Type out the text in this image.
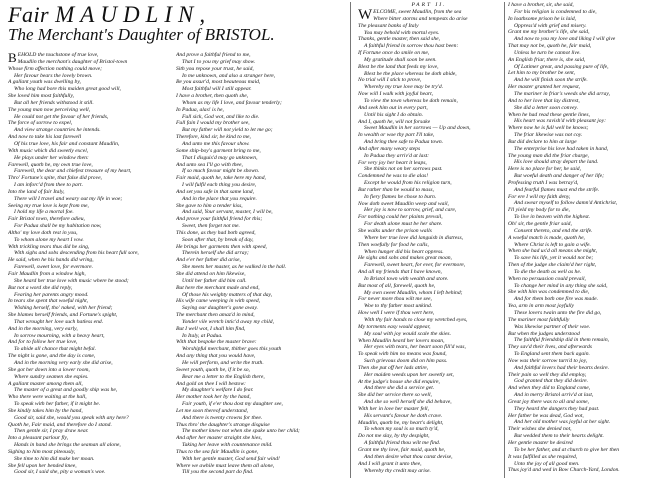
Fair MAUDLIN,
The Merchant's Daughter of BRISTOL.
B EHOLD the touchstone of true love,
Maudlin the merchant's daughter of Bristol-town
Whose firm affection nothing could move;
Her favour bears the lovely brown.
A gallant youth was dwelling by,
Who long had bore this maiden great good will,
She loved him most faithfully,
But all her friends withstood it still.
The young man now perceiving well,
He could not get the favour of her friends,
The force of sorrow to expel,
And view strange countries he intends.
And now to take his last farewell
Of his true love, his fair and constant Maudlin,
With music which did sweetly excel,
He plays under her window then:
Farewell, quoth he, my own true love,
Farewell, the dear and chiefest treasure of my heart,
Thro' Fortune's spite, that false did prove,
I am inforc'd from thee to part.
Into the land of fair Italy,
There will I travel and weary out my life in woe;
Seeing my true love is kept from me,
I hold my life a mortal foe.
Fair Bristol town, therefore adieu,
For Padua shall be my habitation now,
Altho' my love doth rest in you,
To whom alone my heart I vow.
With trickling tears thus did he sing,
With sighs and sobs descending from his heart full sore,
He said, when he his hands did wring,
Farewell, sweet love, for evermore.
Fair Maudlin from a window high,
She heard her true love with music where he stood;
But not a word she did reply,
Fearing her parents angry mood.
In tears she spent that woeful night,
Wishing herself, tho' naked, with her friend;
She blames herself friends, and Fortune's spight,
That wrought her love such hatless end.
And in the morning, very early,
In sorrow mourning, with a heavy heart,
And for to follow her true love,
To abide all chance that might befal.
The night is gone, and the day is come,
And in the morning very early she did arise,
She got her down into a lower room,
Where sundry seamen she espies.
A gallant master among them all,
The master of a great and goodly ship was he,
Who there were waiting at the hall,
To speak with her father, if it might be.
She kindly takes him by the hand,
Good sir, said she, would you speak with any here?
Quoth he, Fair maid, and therefore do I stand.
Then gentle sir, I pray draw near.
Into a pleasant parlour fly,
Hands in hand she brings the seaman all alone,
Sighing to him most piteously,
She time to him did make her moan.
She fell upon her bended knee,
Good sir, I said she, pity a woman's woe.
And prove a faithful friend to me,
That I to you my grief may show.
Sith you repose your trust, he said,
In me unknown, and also a stranger here,
Be you assur'd, most beauteous maid,
Most faithful will I still appear.
I have a brother, then quoth she,
Whom as my life I love, and favour tenderly;
In Padua, alas! is he,
Full sick, God wot, and like to die.
Full fain I would my brother see,
But my father will not yield to let me go;
Therefore, kind sir, be kind to me,
And unto me this favour show.
Some ship-boy's garment bring to me,
That I disguis'd may go unknown,
And unto sea I'll go with thee,
If so much favour might be shown.
Fair maid, quoth he, take here my hand,
I will fulfil each thing you desire,
And set you safe in that same land,
And in the place that you require.
She gave to him a tender kiss,
And said, Your servant, master, I will be,
And prove your faithful friend for this;
Sweet, then forget not me.
This done, as they had both agreed,
Soon after that, by break of day,
He brings her garments then with speed,
Therein herself she did array;
And e'er her father did arise,
She meets her master, as he walked in the hall.
She did attend on him likewise,
Until her father did him call.
But here the merchant made and end,
Of those his weighty matters of that day,
His wife came weeping in with speed,
Saying our daughter's gone away.
The merchant then amaz'd in mind,
Yonder vile wretch intic'd away my child,
But I well wot, I shall him find,
In Italy, at Padua.
With that bespoke the master brave:
Worshipful merchant, thither goes this youth
And any thing that you would have,
He will perform, and write the truth.
Sweet youth, quoth he, if it be so,
Bear me a letter to the English there,
And gold on thee I will bestow:
My daughter's welfare I do fear.
Her mother took her by the hand,
Fair youth, if e'er thou dost my daughter see,
Let me soon thereof understand,
And there is twenty crowns for thee.
Thus thro' the daughter's strange disguise
The mother knew not when she spake unto her child;
And after her master straight she hies,
Taking her leave with countenance mild.
Thus to the sea fair Maudlin is gone,
With her gentle master, God send fair wind!
Where we awhile must leave them all alone,
Till you the second part do find.
PART II.
W ELCOME, sweet Maudlin, from the sea
Where bitter storms and tempests do arise
The pleasant banks of Italy
You may behold with mortal eyes.
Thanks, gentle master, then said she,
A faithful friend in sorrow thou hast been:
If Fortune once do smile on me,
My gratitude shall soon be seen.
Blest be the land that feeds my love,
Blest be the place whereas he doth abide,
No trial will I stick to prove,
Whereby my true love may be try'd.
Now will I walk with joyful heart,
To view the town whereas he doth remain,
And seek him out in every part,
Until his sight I do obtain.
And I, quoth he, will not forsake
Sweet Maudlin in her sorrows — Up and down,
In wealth or woe thy part I'll take,
And bring thee safe to Padua town.
And after many weary steps
In Padua they arriv'd at last:
For very joy her heart it leaps,
She thinks not on her sorrows past.
Condemned he was to die alas!
Except he would from his religion turn,
But rather than he would to mass,
In fiery flames he chose to burn.
Now doth sweet Maudlin weep and wail,
Her joy is now to sorrow, grief, and care,
For nothing could her plaints prevail,
For death alone must be her share.
She walks under the prison walls
Where her true love did languish in distress,
Then woefully for food he calls,
When hunger did his heart oppress.
He sighs and sobs and makes great moan,
Farewell, sweet heart, for ever, for evermore,
And all my friends that I have known,
In Bristol town with wealth and store.
But most of all, farewell, quoth he,
My own sweet Maudlin, whom I left behind;
For never more thou wilt me see,
Woe to thy father most unkind.
How well I were if thou wert here,
With thy fair hands to close my wretched eyes,
My torments easy would appear,
My soul with joy would scale the skies.
When Maudlin heard her lovers moan,
Her eyes with tears, her heart soon fill'd was,
To speak with him no means was found,
Such grievous doom did on him pass.
Then she put off her lads attire,
Her maiden weeds upon her sweetly set,
At the judge's house she did enquire,
And there she did a service get.
She did her service there so well,
And she so well herself she did behave,
With her in love her master fell,
His servant's favour he doth crave.
Maudlin, quoth he, my heart's delight,
To whom my soul is so much ty'd,
Do not me slay, by thy despight,
A faithful friend thou wilt me find.
Grant me thy love, fair maid, quoth he,
And then desire what thou canst devise,
And I will grant it unto thee,
Whereby thy credit may arise.
I have a brother, sir, she said,
For his religion is condemned to die,
In loathsome prison he is laid,
Oppress'd with grief and misery.
Grant me my brother's life, she said,
And now to you my love and liking I will give
That may not be, quoth he, fair maid,
Unless he turn he cannot live.
An English friar, there is, she said,
Of Latimer great, and passing pure of life,
Let him to my brother be sent,
And he will finish soon the strife.
Her master granted her request,
The mariner in friar's weeds she did array,
And to her love that lay distrest,
She did a letter soon convey.
When he had read these gentle lines,
His heart was ravish'd with pleasant joy:
Where now he is full well he knows;
The friar likewise was not coy.
But did declare to him at large
The enterprise his love had taken in hand,
The young man did the friar charge,
His love should stray depart the land.
Here is no place for her, he said,
But woeful death and danger of her life;
Professing truth I was betray'd,
And fearful flames must end the strife.
For ere I will my faith deny,
And swear myself to follow damn'd Antichrist,
I'll yield my body for to die,
To live in heaven with the highest.
Oh! sir, the gentle friar said,
Consent thereto, and end the strife.
A woeful match is made, quoth he,
Where Christ is left to gain a wife.
When she had us'd all means she might,
To save his life, yet it would not be;
Then of the judge she claim'd her right,
To die the death as well as he.
When no persuasion could prevail,
To change her mind in any thing she said,
She with him was condemned to die,
And for them both one fire was made.
Yea, arm in arm most joyfully
These lovers twain unto the fire did go,
The mariner most faithfully
Was likewise partner of their woe.
But when the judges understood
The faithful friendship did in them remain,
They sav'd their lives, and afterwards
To England sent them back again.
Now was their sorrow turn'd to joy,
And faithful lovers had their hearts desire.
Their pain so well they did employ,
God granted that they did desire.
And when they did to England come,
And in merry Bristol arriv'd at last,
Great joy there was to all and some,
They heard the dangers they had past.
Her father he was dead, God wot,
And her old mother was joyful at her sight.
Their wishes she denied not,
But wedded them to their hearts delight.
Her gentle master he desired
To be her father, and at church to give her then
It was fulfilled as she required,
Unto the joy of all good men.
Thus joy'd and wed in Bow Church-Yard, London.
